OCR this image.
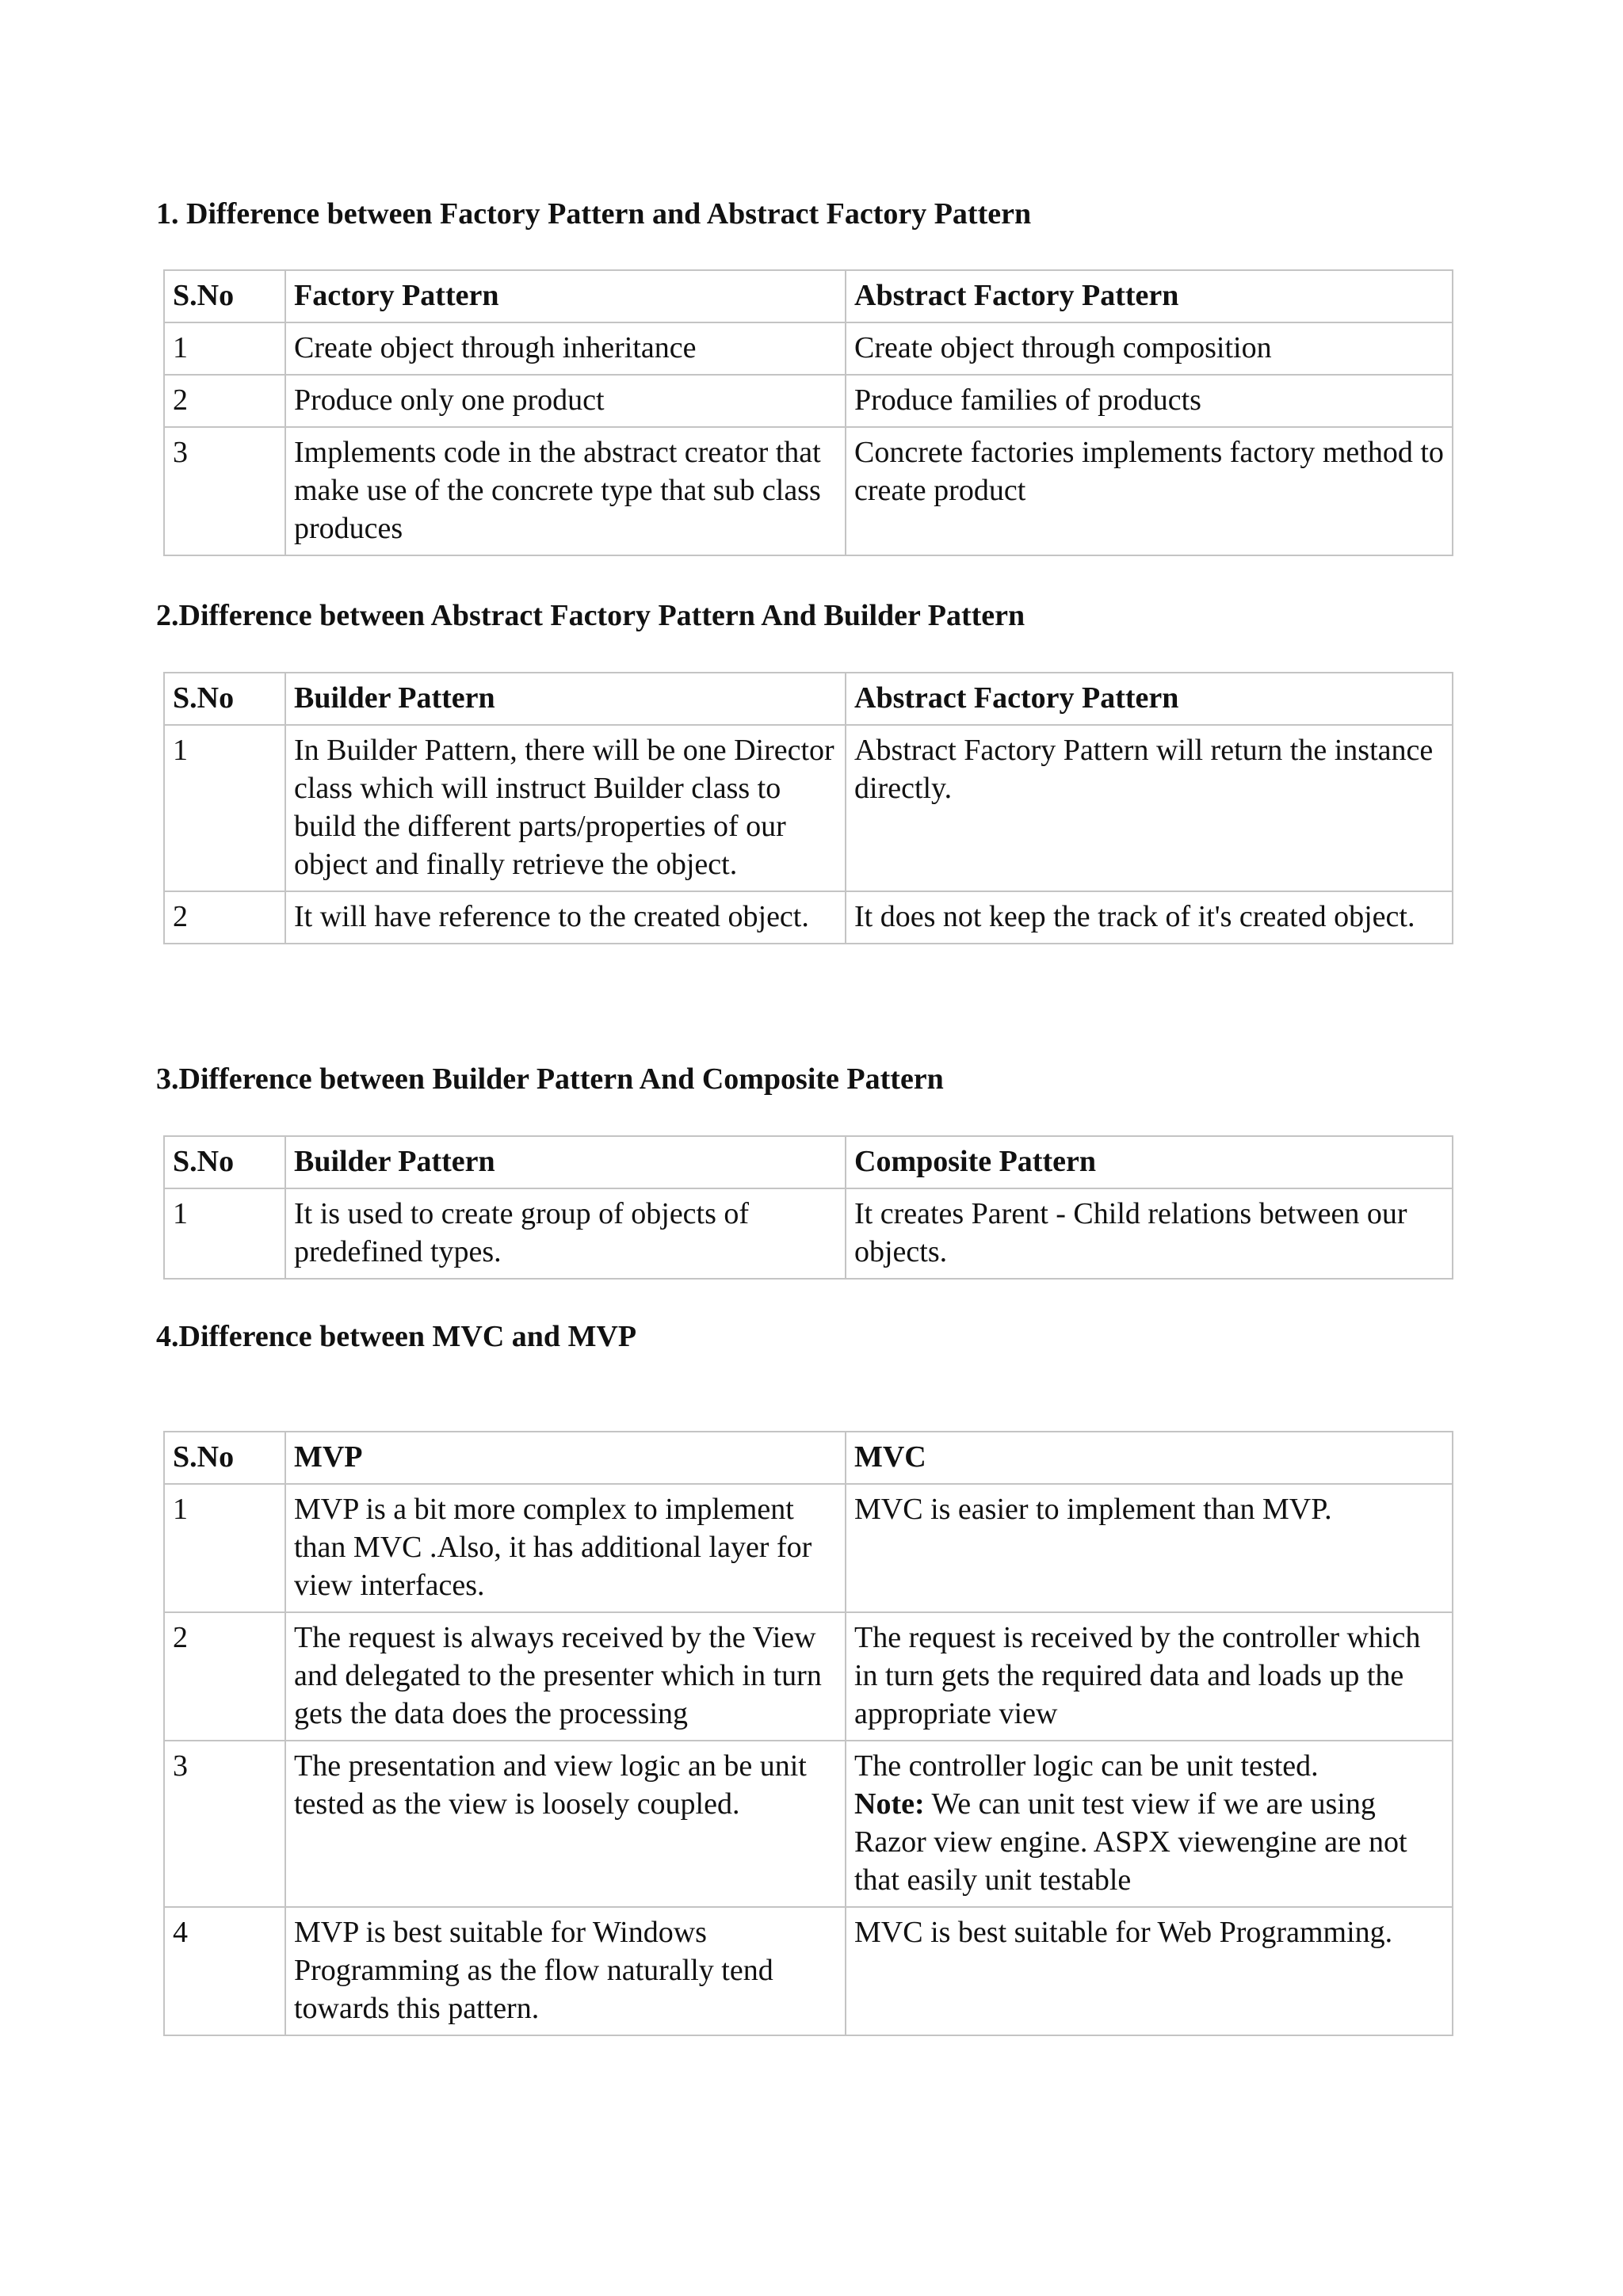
1. Difference between Factory Pattern and Abstract Factory Pattern
S.No	Factory Pattern	Abstract Factory Pattern
1	Create object through inheritance	Create object through composition
2	Produce only one product	Produce families of products
3	Implements code in the abstract creator that make use of the concrete type that sub class produces	Concrete factories implements factory method to create product
2.Difference between Abstract Factory Pattern And Builder Pattern
S.No	Builder Pattern	Abstract Factory Pattern
1	In Builder Pattern, there will be one Director class which will instruct Builder class to build the different parts/properties of our object and finally retrieve the object.	Abstract Factory Pattern will return the instance directly.
2	It will have reference to the created object.	It does not keep the track of it's created object.
3.Difference between Builder Pattern And Composite Pattern
S.No	Builder Pattern	Composite Pattern
1	It is used to create group of objects of predefined types.	It creates Parent - Child relations between our objects.
4.Difference between MVC and MVP
S.No	MVP	MVC
1	MVP is a bit more complex to implement than MVC .Also, it has additional layer for view interfaces.	MVC is easier to implement than MVP.
2	The request is always received by the View and delegated to the presenter which in turn gets the data does the processing	The request is received by the controller which in turn gets the required data and loads up the appropriate view
3	The presentation and view logic an be unit tested as the view is loosely coupled.	The controller logic can be unit tested.
Note: We can unit test view if we are using Razor view engine. ASPX viewengine are not that easily unit testable
4	MVP is best suitable for Windows Programming as the flow naturally tend towards this pattern.	MVC is best suitable for Web Programming.
